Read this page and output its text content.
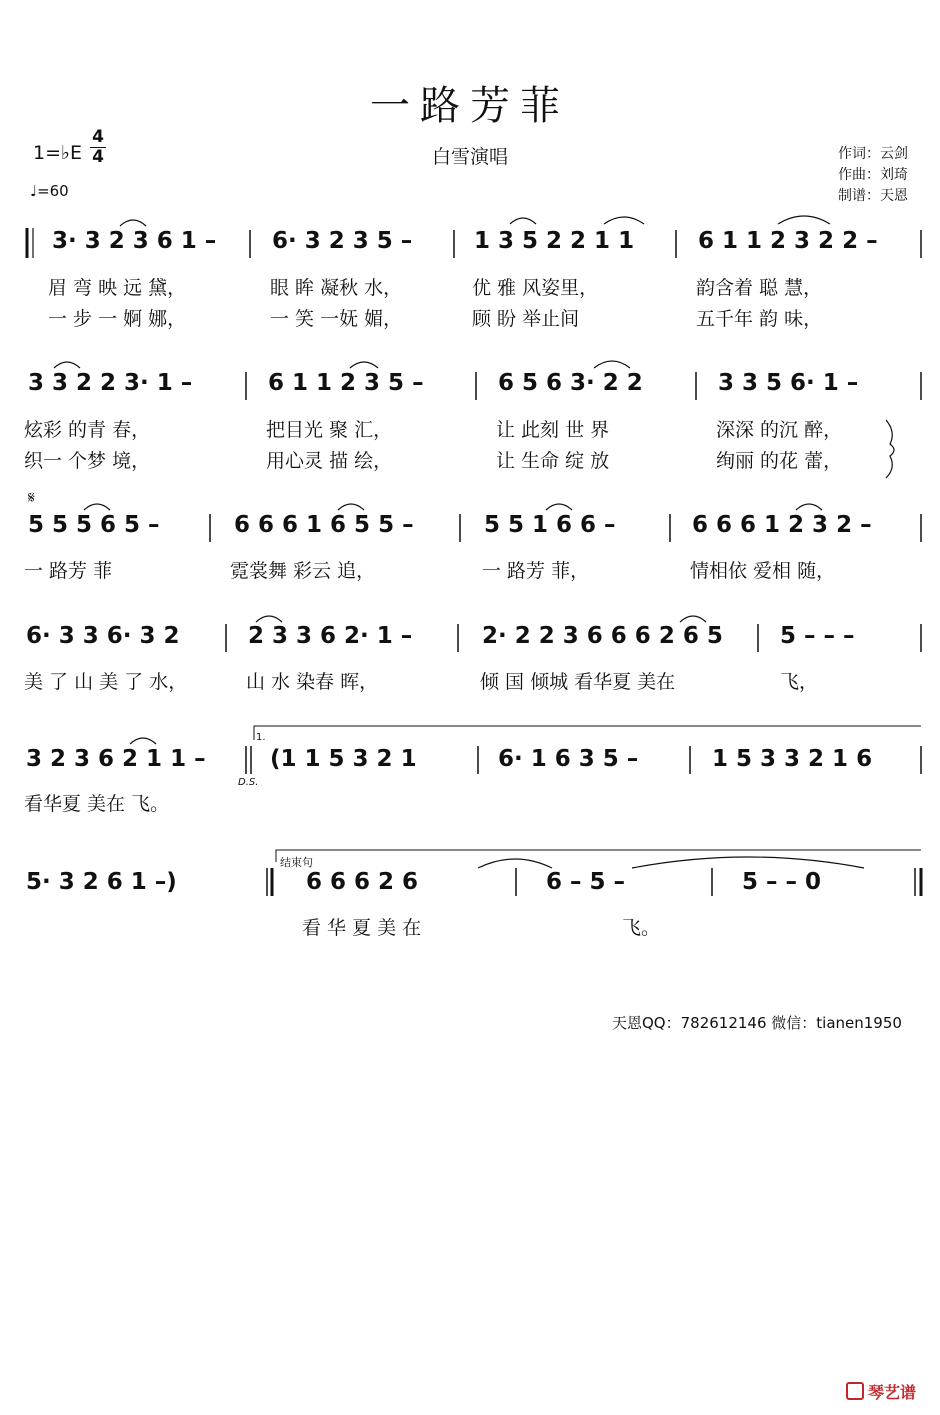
一路芳菲
白雪演唱
1=♭E
4
4
♩=60
作词：云剑
作曲：刘琦
制谱：天恩
3· 3 2 3 6 1 – 6· 3 2 3 5 –	1 3 5 2 2 1 1	6 1 1 2 3 2 2 –
眉 弯 映 远 黛，	眼 眸 凝秋 水，	优 雅 风姿里，	韵含着 聪 慧，
一 步 一 婀 娜，	一 笑 一妩 媚，	顾 盼 举止间	五千年 韵 味，
3 3 2 2 3· 1 –	6 1 1 2 3 5 –	6 5 6 3· 2 2	3 3 5 6· 1 –
炫彩 的青 春，	把目光 聚 汇，	让 此刻 世 界	深深 的沉 醉，
织一 个梦 境，	用心灵 描 绘，	让 生命 绽 放	绚丽 的花 蕾，
𝄋
5 5 5 6 5 –	6 6 6 1 6 5 5 –	5 5 1 6 6 –	6 6 6 1 2 3 2 –
一 路芳 菲	霓裳舞 彩云 追，	一 路芳 菲，	情相依 爱相 随，
6· 3 3 6· 3 2	2 3 3 6 2· 1 –	2· 2 2 3 6 6 6 2 6 5 5 – – –
美 了 山 美 了 水，	山 水 染春 晖，	倾 国 倾城 看华夏 美在	飞，
3 2 3 6 2 1 1 –	(1 1 5 3 2 1	6· 1 6 3 5 –	1 5 3 3 2 1 6
1.
D.S.
看华夏 美在 飞。
5· 3 2 6 1 –)	6 6 6 2 6	6 – 5 –	5 – – 0
结束句
看 华 夏 美 在	飞。
天恩QQ：782612146 微信：tianen1950
琴艺谱
